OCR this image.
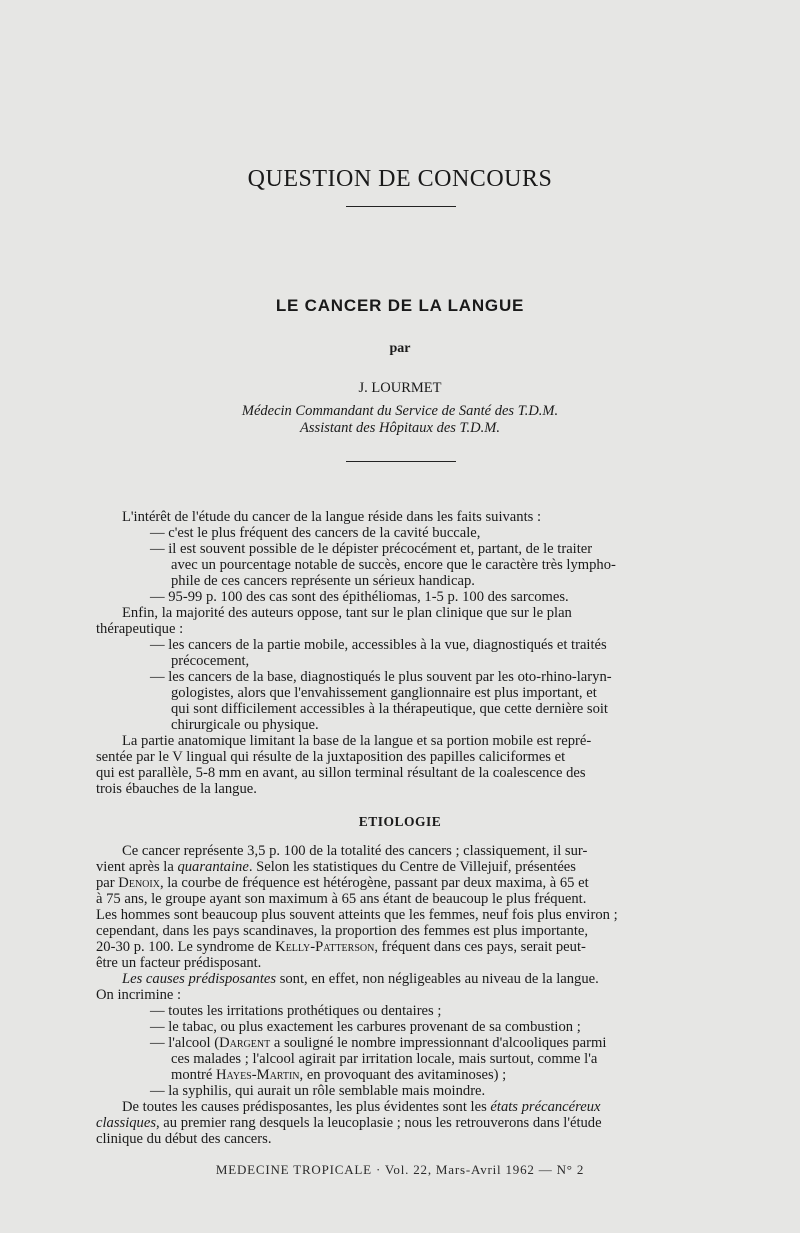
QUESTION DE CONCOURS
LE CANCER DE LA LANGUE
par
J. LOURMET
Médecin Commandant du Service de Santé des T.D.M.
Assistant des Hôpitaux des T.D.M.
L'intérêt de l'étude du cancer de la langue réside dans les faits suivants :
— c'est le plus fréquent des cancers de la cavité buccale,
— il est souvent possible de le dépister précocément et, partant, de le traiter
avec un pourcentage notable de succès, encore que le caractère très lympho-
phile de ces cancers représente un sérieux handicap.
— 95-99 p. 100 des cas sont des épithéliomas, 1-5 p. 100 des sarcomes.
Enfin, la majorité des auteurs oppose, tant sur le plan clinique que sur le plan
thérapeutique :
— les cancers de la partie mobile, accessibles à la vue, diagnostiqués et traités
précocement,
— les cancers de la base, diagnostiqués le plus souvent par les oto-rhino-laryn-
gologistes, alors que l'envahissement ganglionnaire est plus important, et
qui sont difficilement accessibles à la thérapeutique, que cette dernière soit
chirurgicale ou physique.
La partie anatomique limitant la base de la langue et sa portion mobile est repré-
sentée par le V lingual qui résulte de la juxtaposition des papilles caliciformes et
qui est parallèle, 5-8 mm en avant, au sillon terminal résultant de la coalescence des
trois ébauches de la langue.
ETIOLOGIE
Ce cancer représente 3,5 p. 100 de la totalité des cancers ; classiquement, il sur-
vient après la quarantaine. Selon les statistiques du Centre de Villejuif, présentées
par Denoix, la courbe de fréquence est hétérogène, passant par deux maxima, à 65 et
à 75 ans, le groupe ayant son maximum à 65 ans étant de beaucoup le plus fréquent.
Les hommes sont beaucoup plus souvent atteints que les femmes, neuf fois plus environ ;
cependant, dans les pays scandinaves, la proportion des femmes est plus importante,
20-30 p. 100. Le syndrome de Kelly-Patterson, fréquent dans ces pays, serait peut-
être un facteur prédisposant.
Les causes prédisposantes sont, en effet, non négligeables au niveau de la langue.
On incrimine :
— toutes les irritations prothétiques ou dentaires ;
— le tabac, ou plus exactement les carbures provenant de sa combustion ;
— l'alcool (Dargent a souligné le nombre impressionnant d'alcooliques parmi
ces malades ; l'alcool agirait par irritation locale, mais surtout, comme l'a
montré Hayes-Martin, en provoquant des avitaminoses) ;
— la syphilis, qui aurait un rôle semblable mais moindre.
De toutes les causes prédisposantes, les plus évidentes sont les états précancéreux
classiques, au premier rang desquels la leucoplasie ; nous les retrouverons dans l'étude
clinique du début des cancers.
MEDECINE TROPICALE · Vol. 22, Mars-Avril 1962 — N° 2
